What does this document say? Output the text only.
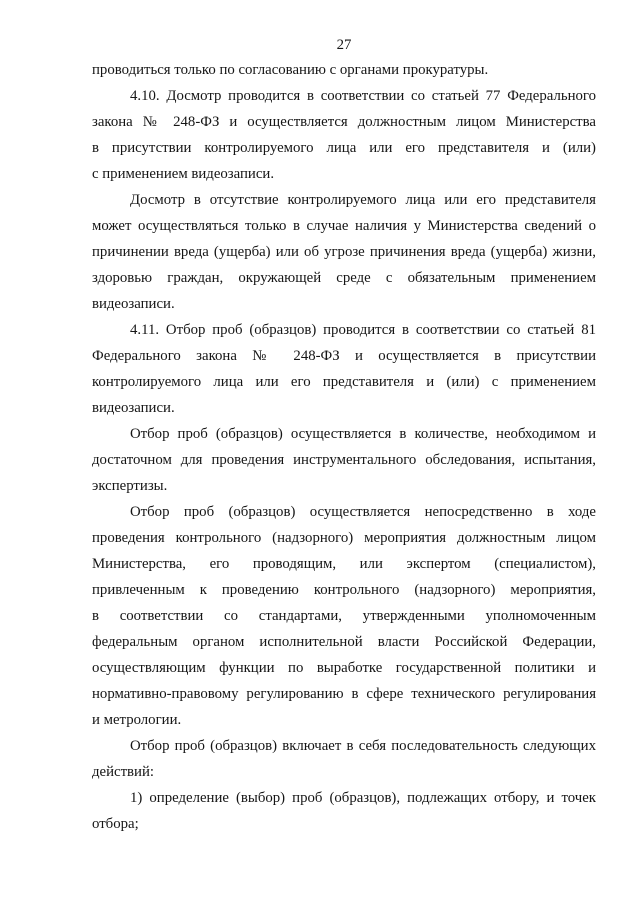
27
проводиться только по согласованию с органами прокуратуры.
4.10. Досмотр проводится в соответствии со статьей 77 Федерального
закона № 248-ФЗ и осуществляется должностным лицом Министерства
в присутствии контролируемого лица или его представителя и (или)
с применением видеозаписи.
Досмотр в отсутствие контролируемого лица или его представителя
может осуществляться только в случае наличия у Министерства сведений о
причинении вреда (ущерба) или об угрозе причинения вреда (ущерба) жизни,
здоровью граждан, окружающей среде с обязательным применением
видеозаписи.
4.11. Отбор проб (образцов) проводится в соответствии со статьей 81
Федерального закона № 248-ФЗ и осуществляется в присутствии
контролируемого лица или его представителя и (или) с применением
видеозаписи.
Отбор проб (образцов) осуществляется в количестве, необходимом и
достаточном для проведения инструментального обследования, испытания,
экспертизы.
Отбор проб (образцов) осуществляется непосредственно в ходе
проведения контрольного (надзорного) мероприятия должностным лицом
Министерства, его проводящим, или экспертом (специалистом),
привлеченным к проведению контрольного (надзорного) мероприятия,
в соответствии со стандартами, утвержденными уполномоченным
федеральным органом исполнительной власти Российской Федерации,
осуществляющим функции по выработке государственной политики и
нормативно-правовому регулированию в сфере технического регулирования
и метрологии.
Отбор проб (образцов) включает в себя последовательность следующих
действий:
1) определение (выбор) проб (образцов), подлежащих отбору, и точек
отбора;
